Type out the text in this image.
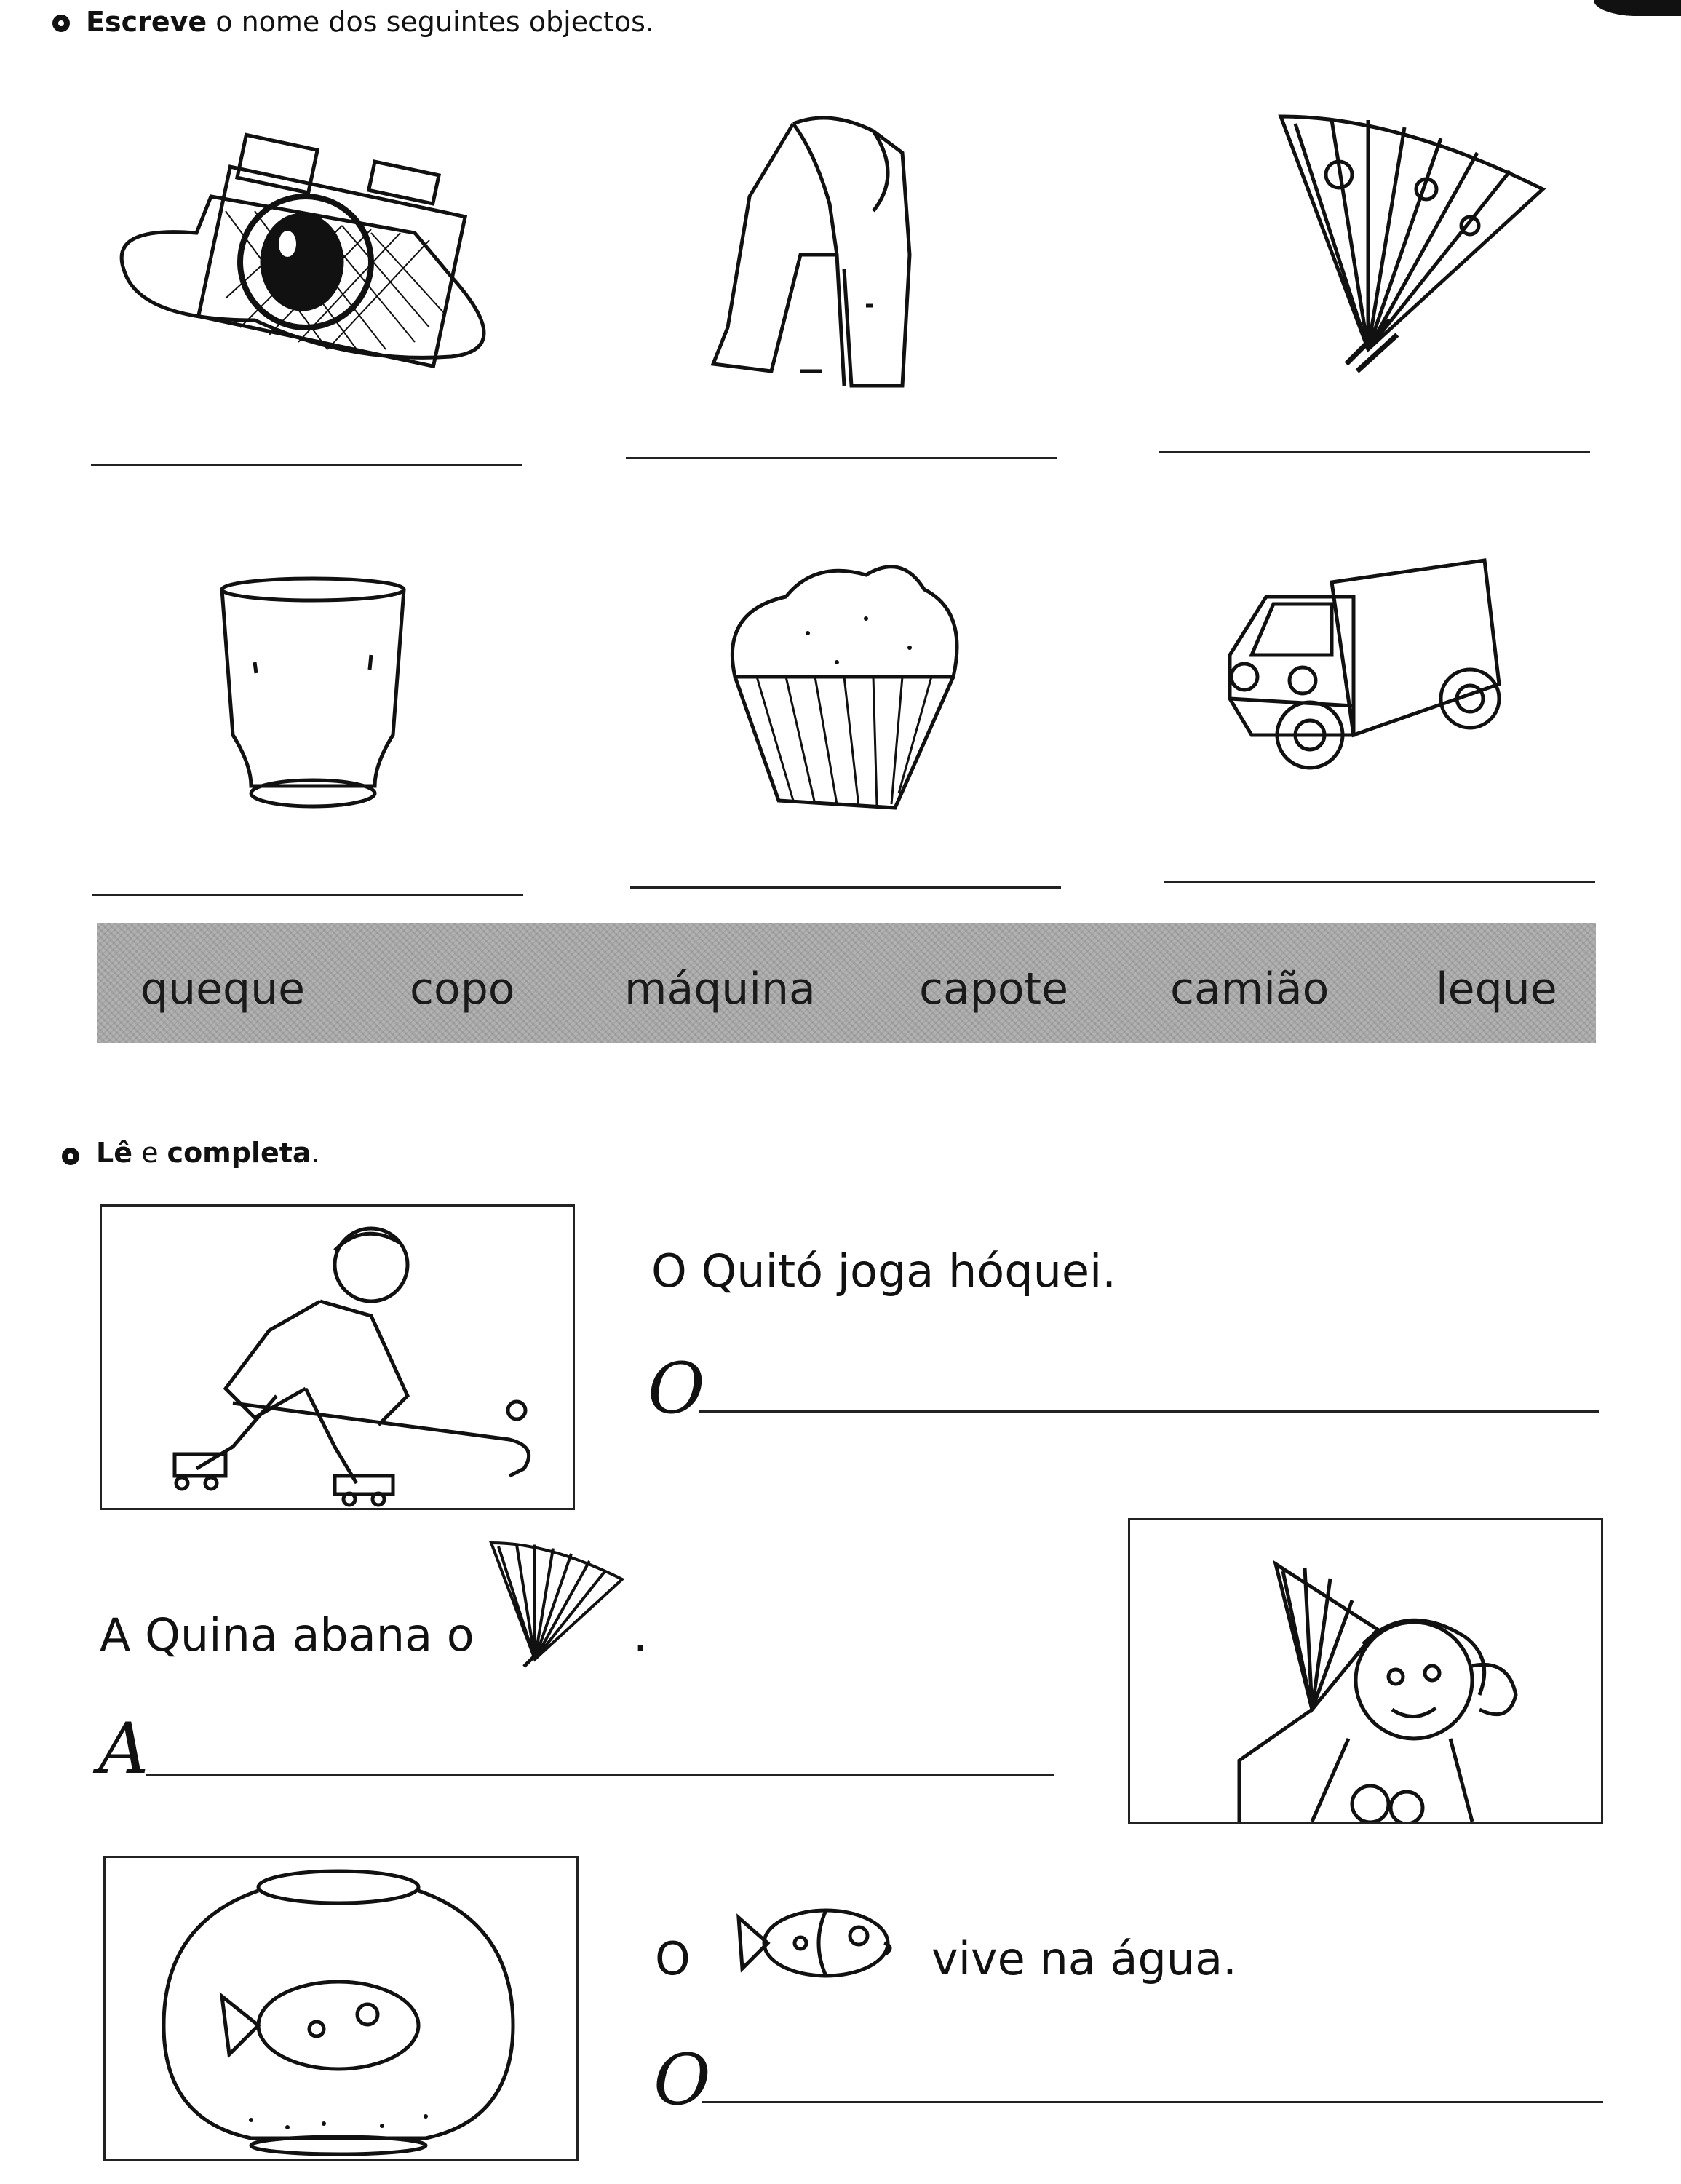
Escreve o nome dos seguintes objectos.
queque copo	máquina capote camião leque
Lê e completa.
O Quitó joga hóquei.
O
A Quina abana o	.
A
O	vive na água.
O
